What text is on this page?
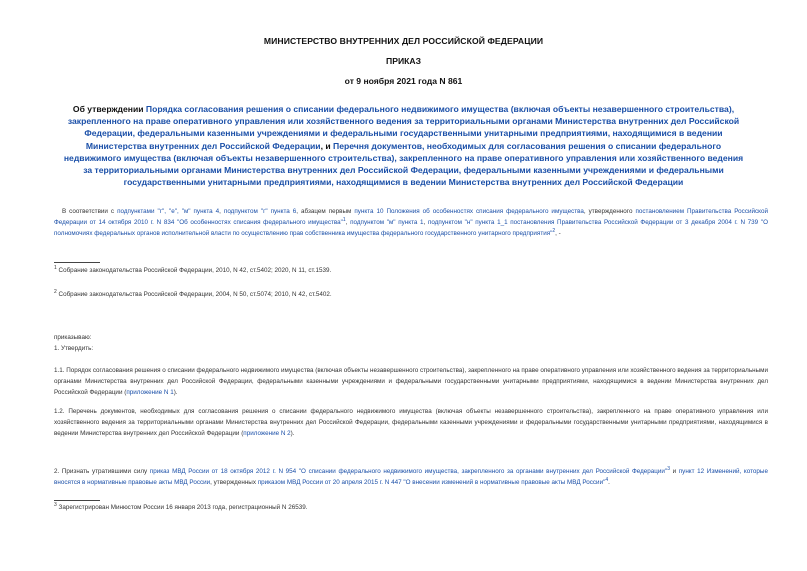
МИНИСТЕРСТВО ВНУТРЕННИХ ДЕЛ РОССИЙСКОЙ ФЕДЕРАЦИИ
ПРИКАЗ
от 9 ноября 2021 года N 861
Об утверждении Порядка согласования решения о списании федерального недвижимого имущества (включая объекты незавершенного строительства), закрепленного на праве оперативного управления или хозяйственного ведения за территориальными органами Министерства внутренних дел Российской Федерации, федеральными казенными учреждениями и федеральными государственными унитарными предприятиями, находящимися в ведении Министерства внутренних дел Российской Федерации, и Перечня документов, необходимых для согласования решения о списании федерального недвижимого имущества (включая объекты незавершенного строительства), закрепленного на праве оперативного управления или хозяйственного ведения за территориальными органами Министерства внутренних дел Российской Федерации, федеральными казенными учреждениями и федеральными государственными унитарными предприятиями, находящимися в ведении Министерства внутренних дел Российской Федерации
В соответствии с подпунктами "г", "е", "м" пункта 4, подпунктом "г" пункта 6, абзацем первым пункта 10 Положения об особенностях списания федерального имущества, утвержденного постановлением Правительства Российской Федерации от 14 октября 2010 г. N 834 "Об особенностях списания федерального имущества"$^1$, подпунктом "м" пункта 1, подпунктом "н" пункта 1_1 постановления Правительства Российской Федерации от 3 декабря 2004 г. N 739 "О полномочиях федеральных органов исполнительной власти по осуществлению прав собственника имущества федерального государственного унитарного предприятия"$^2$, -
$^1$ Собрание законодательства Российской Федерации, 2010, N 42, ст.5402; 2020, N 11, ст.1539.
$^2$ Собрание законодательства Российской Федерации, 2004, N 50, ст.5074; 2010, N 42, ст.5402.
приказываю:
1. Утвердить:
1.1. Порядок согласования решения о списании федерального недвижимого имущества (включая объекты незавершенного строительства), закрепленного на праве оперативного управления или хозяйственного ведения за территориальными органами Министерства внутренних дел Российской Федерации, федеральными казенными учреждениями и федеральными государственными унитарными предприятиями, находящимися в ведении Министерства внутренних дел Российской Федерации (приложение N 1).
1.2. Перечень документов, необходимых для согласования решения о списании федерального недвижимого имущества (включая объекты незавершенного строительства), закрепленного на праве оперативного управления или хозяйственного ведения за территориальными органами Министерства внутренних дел Российской Федерации, федеральными казенными учреждениями и федеральными государственными унитарными предприятиями, находящимися в ведении Министерства внутренних дел Российской Федерации (приложение N 2).
2. Признать утратившими силу приказ МВД России от 18 октября 2012 г. N 954 "О списании федерального недвижимого имущества, закрепленного за органами внутренних дел Российской Федерации"$^3$ и пункт 12 Изменений, которые вносятся в нормативные правовые акты МВД России, утвержденных приказом МВД России от 20 апреля 2015 г. N 447 "О внесении изменений в нормативные правовые акты МВД России"$^4$.
$^3$ Зарегистрирован Минюстом России 16 января 2013 года, регистрационный N 26539.
